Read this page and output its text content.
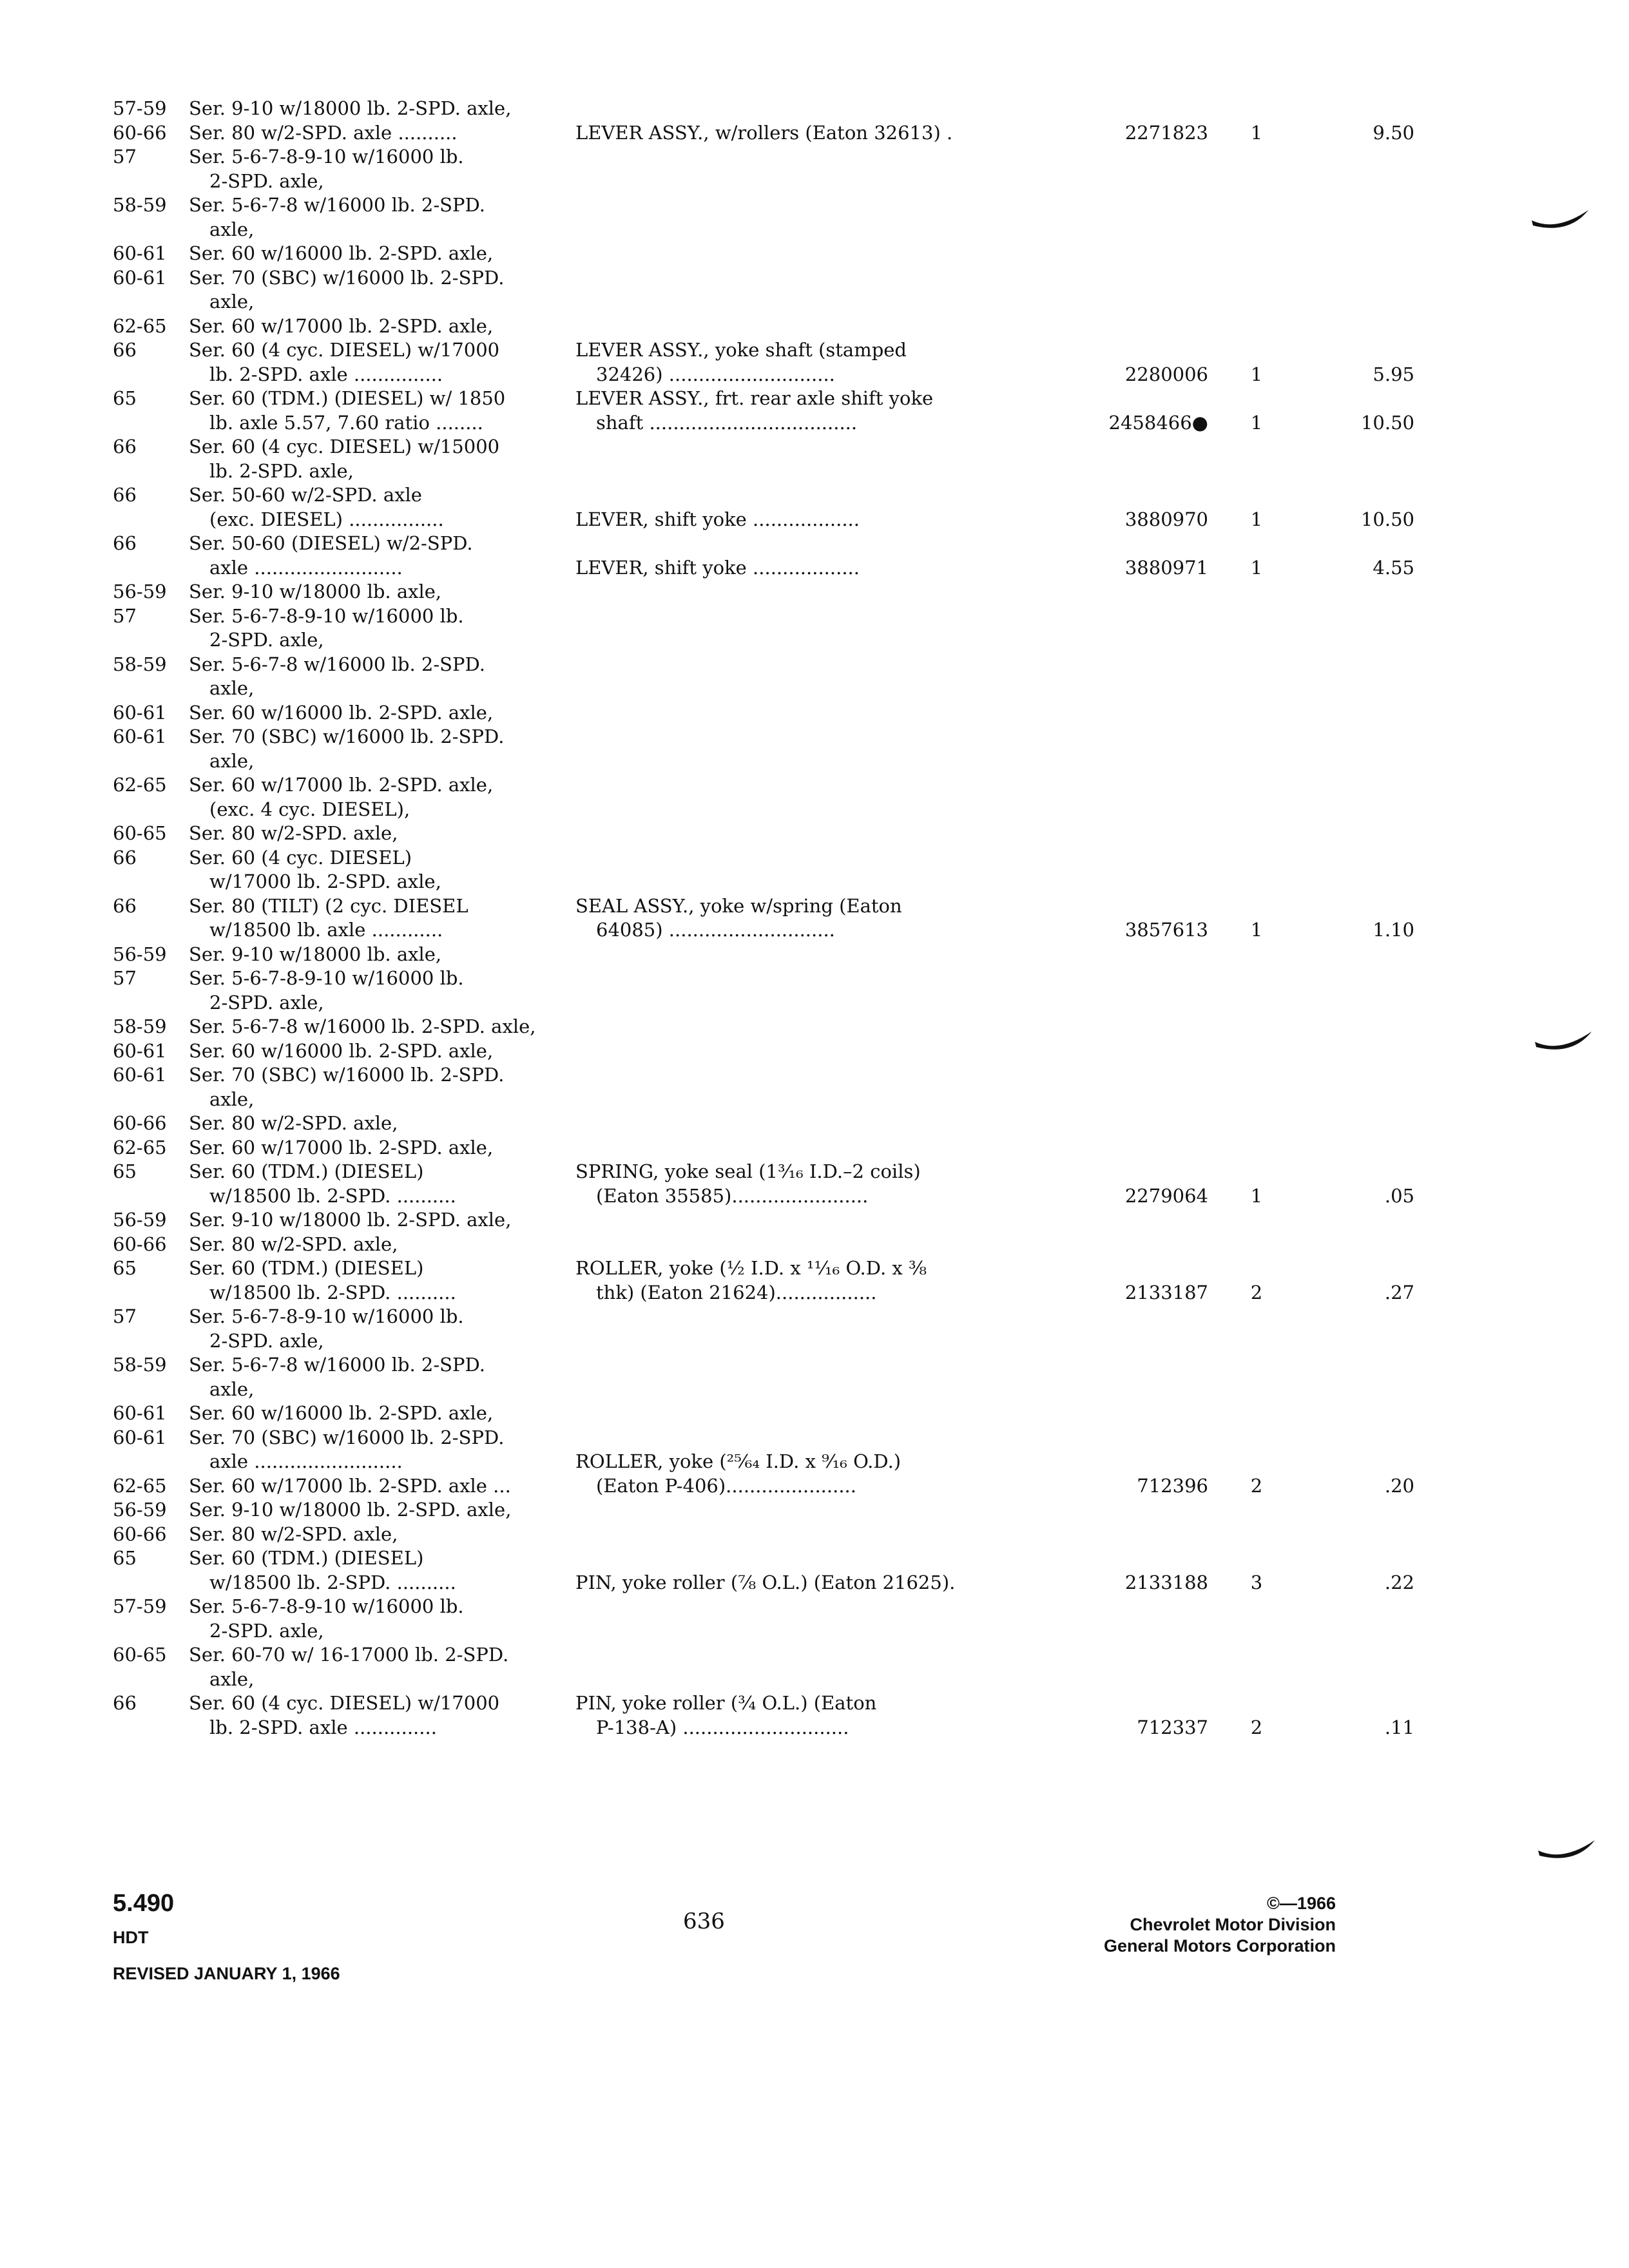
57-59 Ser. 9-10 w/18000 lb. 2-SPD. axle,
60-66 Ser. 80 w/2-SPD. axle ..........	LEVER ASSY., w/rollers (Eaton 32613) .	2271823	1	9.50
57	Ser. 5-6-7-8-9-10 w/16000 lb.
2-SPD. axle,
58-59 Ser. 5-6-7-8 w/16000 lb. 2-SPD.
axle,
60-61 Ser. 60 w/16000 lb. 2-SPD. axle,
60-61 Ser. 70 (SBC) w/16000 lb. 2-SPD.
axle,
62-65 Ser. 60 w/17000 lb. 2-SPD. axle,
66	Ser. 60 (4 cyc. DIESEL) w/17000	LEVER ASSY., yoke shaft (stamped
lb. 2-SPD. axle ...............	32426) ............................	2280006	1	5.95
65	Ser. 60 (TDM.) (DIESEL) w/ 1850	LEVER ASSY., frt. rear axle shift yoke
lb. axle 5.57, 7.60 ratio ........	shaft ...................................	2458466●	1	10.50
66	Ser. 60 (4 cyc. DIESEL) w/15000
lb. 2-SPD. axle,
66	Ser. 50-60 w/2-SPD. axle
(exc. DIESEL) ................	LEVER, shift yoke ..................	3880970	1	10.50
66	Ser. 50-60 (DIESEL) w/2-SPD.
axle .........................	LEVER, shift yoke ..................	3880971	1	4.55
56-59 Ser. 9-10 w/18000 lb. axle,
57	Ser. 5-6-7-8-9-10 w/16000 lb.
2-SPD. axle,
58-59 Ser. 5-6-7-8 w/16000 lb. 2-SPD.
axle,
60-61 Ser. 60 w/16000 lb. 2-SPD. axle,
60-61 Ser. 70 (SBC) w/16000 lb. 2-SPD.
axle,
62-65 Ser. 60 w/17000 lb. 2-SPD. axle,
(exc. 4 cyc. DIESEL),
60-65 Ser. 80 w/2-SPD. axle,
66	Ser. 60 (4 cyc. DIESEL)
w/17000 lb. 2-SPD. axle,
66	Ser. 80 (TILT) (2 cyc. DIESEL	SEAL ASSY., yoke w/spring (Eaton
w/18500 lb. axle ............	64085) ............................	3857613	1	1.10
56-59 Ser. 9-10 w/18000 lb. axle,
57	Ser. 5-6-7-8-9-10 w/16000 lb.
2-SPD. axle,
58-59 Ser. 5-6-7-8 w/16000 lb. 2-SPD. axle,
60-61 Ser. 60 w/16000 lb. 2-SPD. axle,
60-61 Ser. 70 (SBC) w/16000 lb. 2-SPD.
axle,
60-66 Ser. 80 w/2-SPD. axle,
62-65 Ser. 60 w/17000 lb. 2-SPD. axle,
65	Ser. 60 (TDM.) (DIESEL)	SPRING, yoke seal (1³⁄₁₆ I.D.–2 coils)
w/18500 lb. 2-SPD. ..........	(Eaton 35585).......................	2279064	1	.05
56-59 Ser. 9-10 w/18000 lb. 2-SPD. axle,
60-66 Ser. 80 w/2-SPD. axle,
65	Ser. 60 (TDM.) (DIESEL)	ROLLER, yoke (½ I.D. x ¹¹⁄₁₆ O.D. x ⅜
w/18500 lb. 2-SPD. ..........	thk) (Eaton 21624).................	2133187	2	.27
57	Ser. 5-6-7-8-9-10 w/16000 lb.
2-SPD. axle,
58-59 Ser. 5-6-7-8 w/16000 lb. 2-SPD.
axle,
60-61 Ser. 60 w/16000 lb. 2-SPD. axle,
60-61 Ser. 70 (SBC) w/16000 lb. 2-SPD.
axle .........................	ROLLER, yoke (²⁵⁄₆₄ I.D. x ⁹⁄₁₆ O.D.)
62-65 Ser. 60 w/17000 lb. 2-SPD. axle ...	(Eaton P-406)......................	712396	2	.20
56-59 Ser. 9-10 w/18000 lb. 2-SPD. axle,
60-66 Ser. 80 w/2-SPD. axle,
65	Ser. 60 (TDM.) (DIESEL)
w/18500 lb. 2-SPD. ..........	PIN, yoke roller (⅞ O.L.) (Eaton 21625).	2133188	3	.22
57-59 Ser. 5-6-7-8-9-10 w/16000 lb.
2-SPD. axle,
60-65 Ser. 60-70 w/ 16-17000 lb. 2-SPD.
axle,
66	Ser. 60 (4 cyc. DIESEL) w/17000	PIN, yoke roller (¾ O.L.) (Eaton
lb. 2-SPD. axle ..............	P-138-A) ............................	712337	2	.11
5.490
HDT
REVISED JANUARY 1, 1966
636
©—1966
Chevrolet Motor Division
General Motors Corporation
